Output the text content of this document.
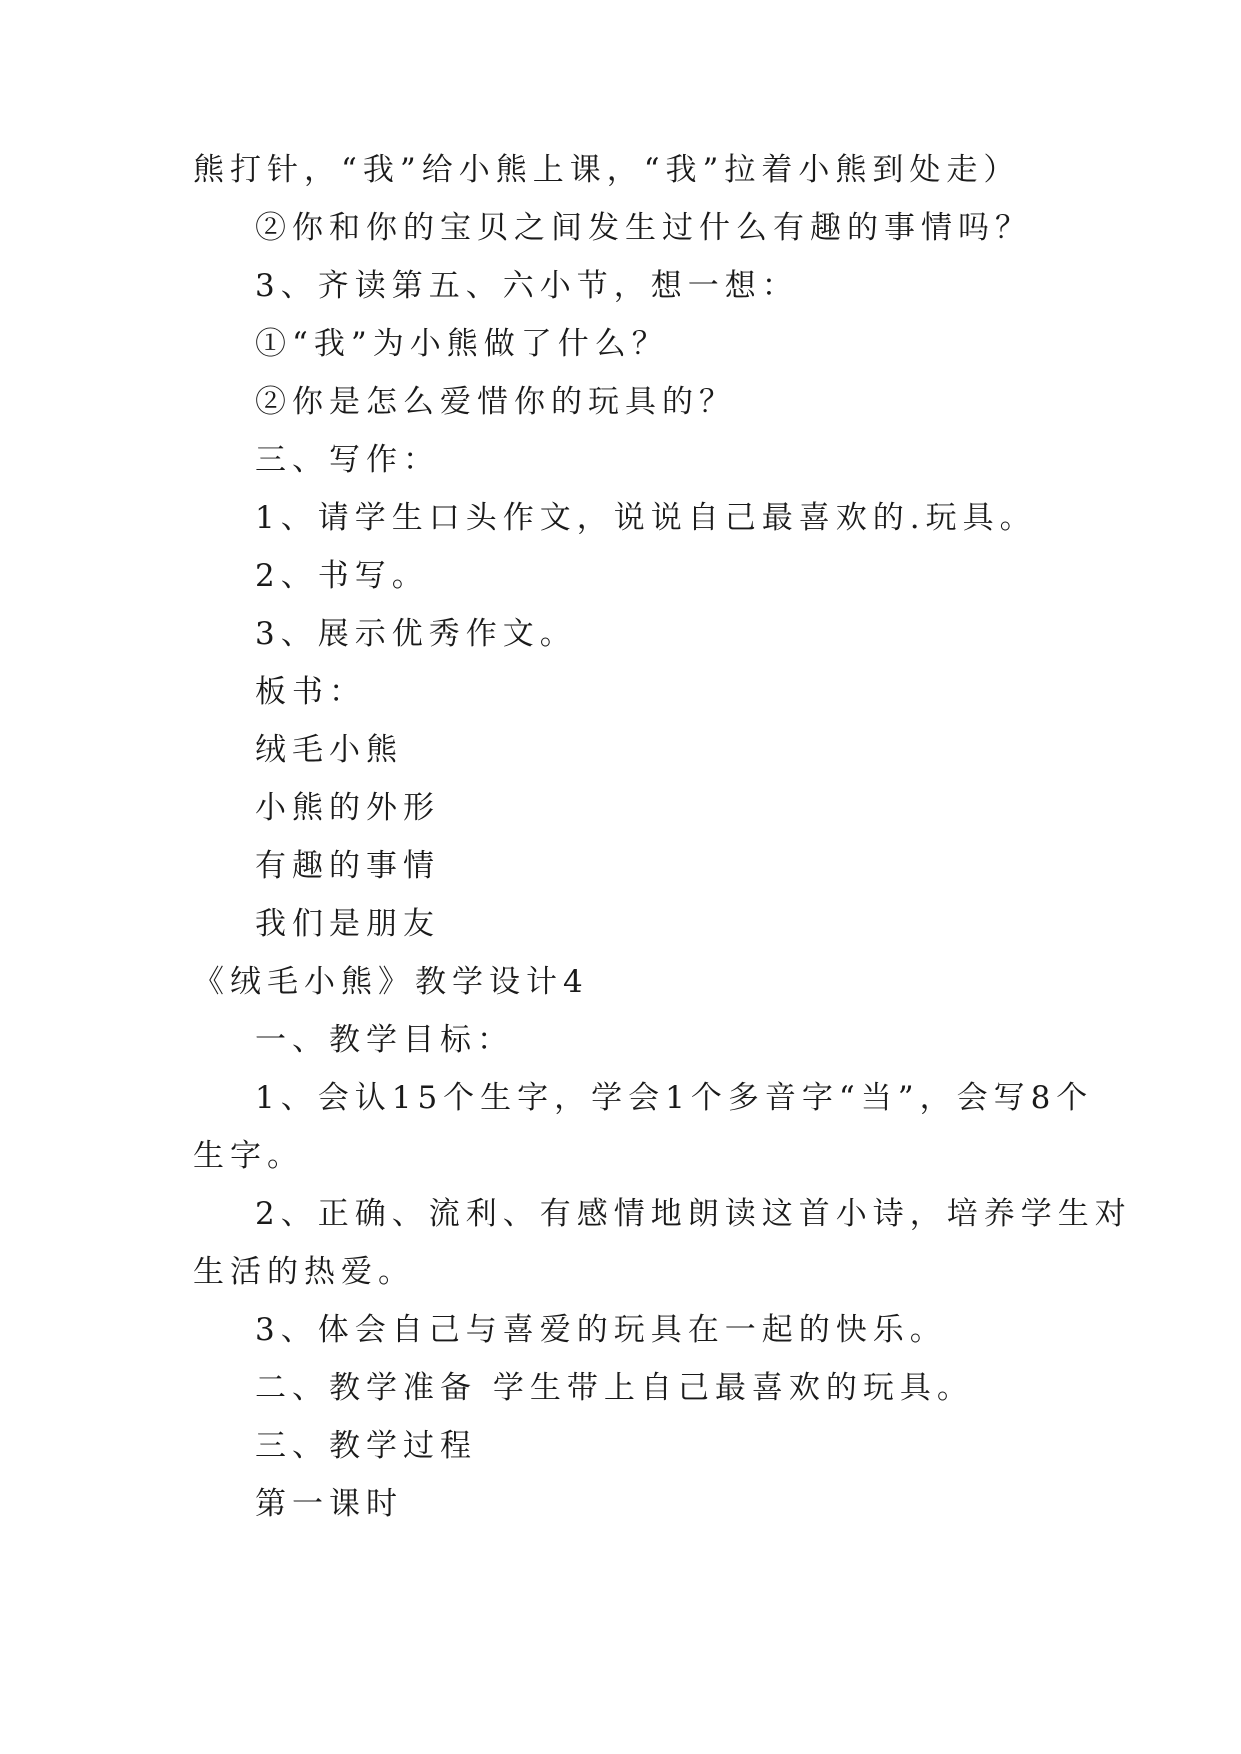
熊打针，“我”给小熊上课，“我”拉着小熊到处走）
②你和你的宝贝之间发生过什么有趣的事情吗？
3、齐读第五、六小节，想一想：
①“我”为小熊做了什么？
②你是怎么爱惜你的玩具的？
三、写作：
1、请学生口头作文，说说自己最喜欢的.玩具。
2、书写。
3、展示优秀作文。
板书：
绒毛小熊
小熊的外形
有趣的事情
我们是朋友
《绒毛小熊》教学设计4
一、教学目标：
1、会认15个生字，学会1个多音字“当”，会写8个
生字。
2、正确、流利、有感情地朗读这首小诗，培养学生对
生活的热爱。
3、体会自己与喜爱的玩具在一起的快乐。
二、教学准备 学生带上自己最喜欢的玩具。
三、教学过程
第一课时
